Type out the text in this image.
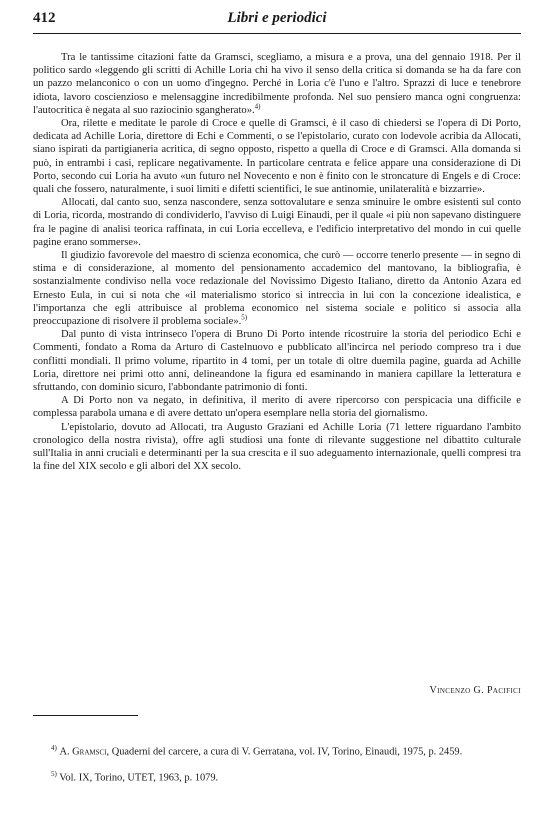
412	Libri e periodici

Tra le tantissime citazioni fatte da Gramsci, scegliamo, a misura e a prova, una del gennaio 1918. Per il politico sardo «leggendo gli scritti di Achille Loria chi ha vivo il senso della critica si domanda se ha da fare con un pazzo melanconico o con un uomo d'ingegno. Perché in Loria c'è l'uno e l'altro. Sprazzi di luce e tenebrore idiota, lavoro coscienzioso e melensaggine incredibilmente profonda. Nel suo pensiero manca ogni congruenza: l'autocritica è negata al suo raziocinio sgangherato».$^{4)}$

Ora, rilette e meditate le parole di Croce e quelle di Gramsci, è il caso di chiedersi se l'opera di Di Porto, dedicata ad Achille Loria, direttore di Echi e Commenti, o se l'epistolario, curato con lodevole acribia da Allocati, siano ispirati da partigianeria acritica, di segno opposto, rispetto a quella di Croce e di Gramsci. Alla domanda si può, in entrambi i casi, replicare negativamente. In particolare centrata e felice appare una considerazione di Di Porto, secondo cui Loria ha avuto «un futuro nel Novecento e non è finito con le stroncature di Engels e di Croce: quali che fossero, naturalmente, i suoi limiti e difetti scientifici, le sue antinomie, unilateralità e bizzarrie».

Allocati, dal canto suo, senza nascondere, senza sottovalutare e senza sminuire le ombre esistenti sul conto di Loria, ricorda, mostrando di condividerlo, l'avviso di Luigi Einaudi, per il quale «i più non sapevano distinguere fra le pagine di analisi teorica raffinata, in cui Loria eccelleva, e l'edificio interpretativo del mondo in cui quelle pagine erano sommerse».

Il giudizio favorevole del maestro di scienza economica, che curò — occorre tenerlo presente — in segno di stima e di considerazione, al momento del pensionamento accademico del mantovano, la bibliografia, è sostanzialmente condiviso nella voce redazionale del Novissimo Digesto Italiano, diretto da Antonio Azara ed Ernesto Eula, in cui si nota che «il materialismo storico si intreccia in lui con la concezione idealistica, e l'importanza che egli attribuisce al problema economico nel sistema sociale e politico si associa alla preoccupazione di risolvere il problema sociale».$^{5)}$

Dal punto di vista intrinseco l'opera di Bruno Di Porto intende ricostruire la storia del periodico Echi e Commenti, fondato a Roma da Arturo di Castelnuovo e pubblicato all'incirca nel periodo compreso tra i due conflitti mondiali. Il primo volume, ripartito in 4 tomi, per un totale di oltre duemila pagine, guarda ad Achille Loria, direttore nei primi otto anni, delineandone la figura ed esaminando in maniera capillare la letteratura e sfruttando, con dominio sicuro, l'abbondante patrimonio di fonti.

A Di Porto non va negato, in definitiva, il merito di avere ripercorso con perspicacia una difficile e complessa parabola umana e di avere dettato un'opera esemplare nella storia del giornalismo.

L'epistolario, dovuto ad Allocati, tra Augusto Graziani ed Achille Loria (71 lettere riguardano l'ambito cronologico della nostra rivista), offre agli studiosi una fonte di rilevante suggestione nel dibattito culturale sull'Italia in anni cruciali e determinanti per la sua crescita e il suo adeguamento internazionale, quelli compresi tra la fine del XIX secolo e gli albori del XX secolo.

Vincenzo G. Pacifici

$^{4)}$ A. Gramsci, Quaderni del carcere, a cura di V. Gerratana, vol. IV, Torino, Einaudi, 1975, p. 2459.

$^{5)}$ Vol. IX, Torino, UTET, 1963, p. 1079.
